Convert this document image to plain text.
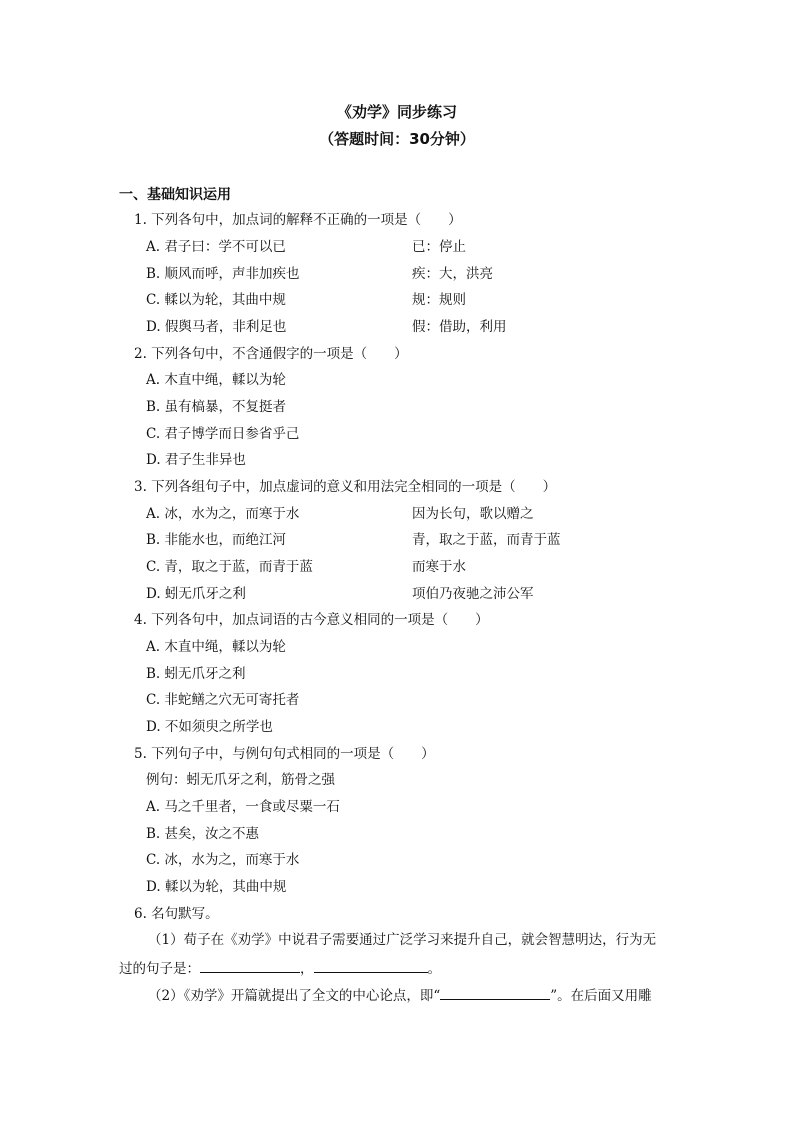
《劝学》同步练习
（答题时间：30分钟）
一、基础知识运用
1. 下列各句中，加点词的解释不正确的一项是（　　）
A. 君子曰：学不可以已	已：停止
B. 顺风而呼，声非加疾也	疾：大，洪亮
C. 輮以为轮，其曲中规	规：规则
D. 假舆马者，非利足也	假：借助，利用
2. 下列各句中，不含通假字的一项是（　　）
A. 木直中绳，輮以为轮
B. 虽有槁暴，不复挺者
C. 君子博学而日参省乎己
D. 君子生非异也
3. 下列各组句子中，加点虚词的意义和用法完全相同的一项是（　　）
A. 冰，水为之，而寒于水	因为长句，歌以赠之
B. 非能水也，而绝江河	青，取之于蓝，而青于蓝
C. 青，取之于蓝，而青于蓝	而寒于水
D. 蚓无爪牙之利	项伯乃夜驰之沛公军
4. 下列各句中，加点词语的古今意义相同的一项是（　　）
A. 木直中绳，輮以为轮
B. 蚓无爪牙之利
C. 非蛇鳝之穴无可寄托者
D. 不如须臾之所学也
5. 下列句子中，与例句句式相同的一项是（　　）
例句：蚓无爪牙之利，筋骨之强
A. 马之千里者，一食或尽粟一石
B. 甚矣，汝之不惠
C. 冰，水为之，而寒于水
D. 輮以为轮，其曲中规
6. 名句默写。
（1）荀子在《劝学》中说君子需要通过广泛学习来提升自己，就会智慧明达，行为无
过的句子是：	，	。
（2）《劝学》开篇就提出了全文的中心论点，即“	”。在后面又用雕
